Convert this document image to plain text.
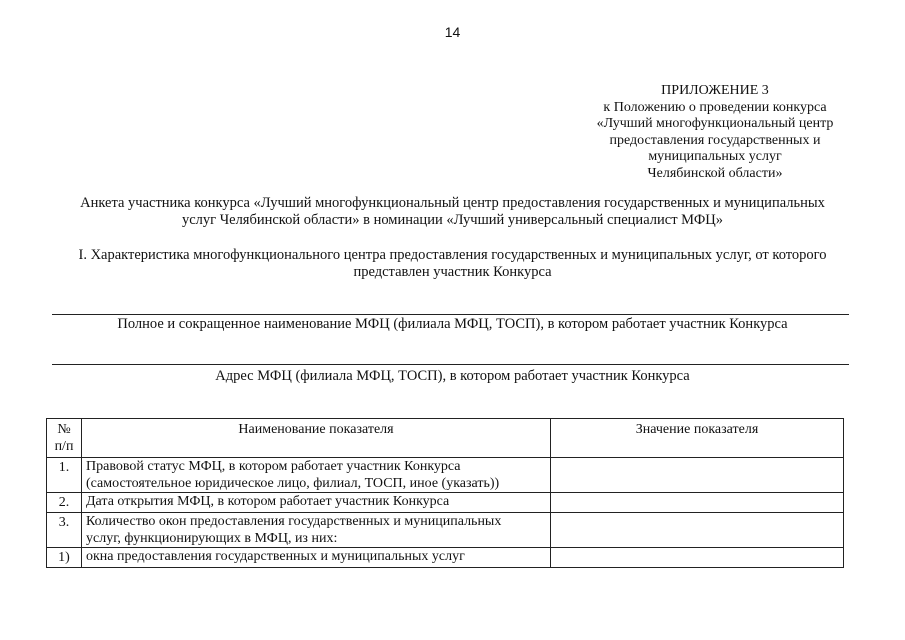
14
ПРИЛОЖЕНИЕ 3
к Положению о проведении конкурса
«Лучший многофункциональный центр
предоставления государственных и
муниципальных услуг
Челябинской области»
Анкета участника конкурса «Лучший многофункциональный центр предоставления государственных и муниципальных
услуг Челябинской области» в номинации «Лучший универсальный специалист МФЦ»
I. Характеристика многофункционального центра предоставления государственных и муниципальных услуг, от которого
представлен участник Конкурса
Полное и сокращенное наименование МФЦ (филиала МФЦ, ТОСП), в котором работает участник Конкурса
Адрес МФЦ (филиала МФЦ, ТОСП), в котором работает участник Конкурса
№
п/п	Наименование показателя	Значение показателя
1.	Правовой статус МФЦ, в котором работает участник Конкурса
(самостоятельное юридическое лицо, филиал, ТОСП, иное (указать))	

2.	Дата открытия МФЦ, в котором работает участник Конкурса	

3.	Количество окон предоставления государственных и муниципальных
услуг, функционирующих в МФЦ, из них:	

1)	окна предоставления государственных и муниципальных услуг	
